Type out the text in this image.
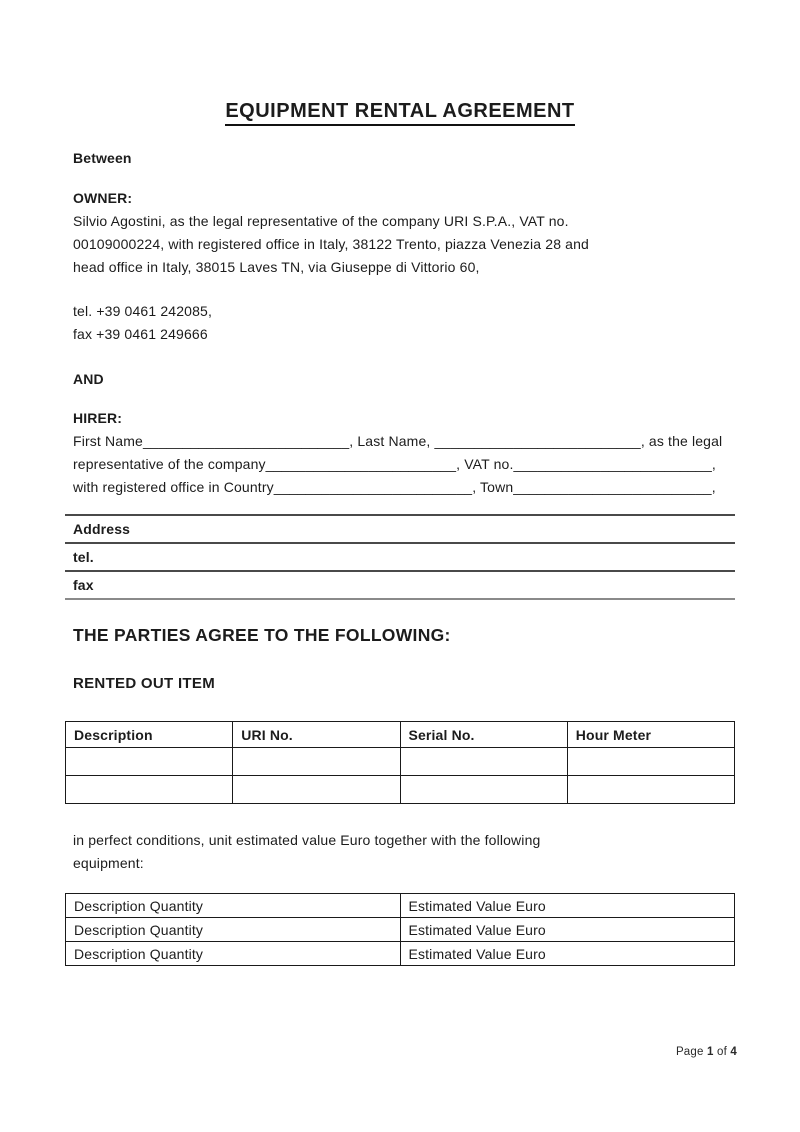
EQUIPMENT RENTAL AGREEMENT
Between
OWNER:
Silvio Agostini, as the legal representative of the company URI S.P.A., VAT no.
00109000224, with registered office in Italy, 38122 Trento, piazza Venezia 28 and
head office in Italy, 38015 Laves TN, via Giuseppe di Vittorio 60,
tel. +39 0461 242085,
fax +39 0461 249666
AND
HIRER:
First Name__________________________, Last Name, __________________________, as the legal
representative of the company________________________, VAT no._________________________,
with registered office in Country_________________________, Town_________________________,
Address
tel.
fax
THE PARTIES AGREE TO THE FOLLOWING:
RENTED OUT ITEM
Description	URI No.	Serial No.	Hour Meter

in perfect conditions, unit estimated value Euro together with the following
equipment:
Description Quantity	Estimated Value Euro
Description Quantity	Estimated Value Euro
Description Quantity	Estimated Value Euro
Page 1 of 4
